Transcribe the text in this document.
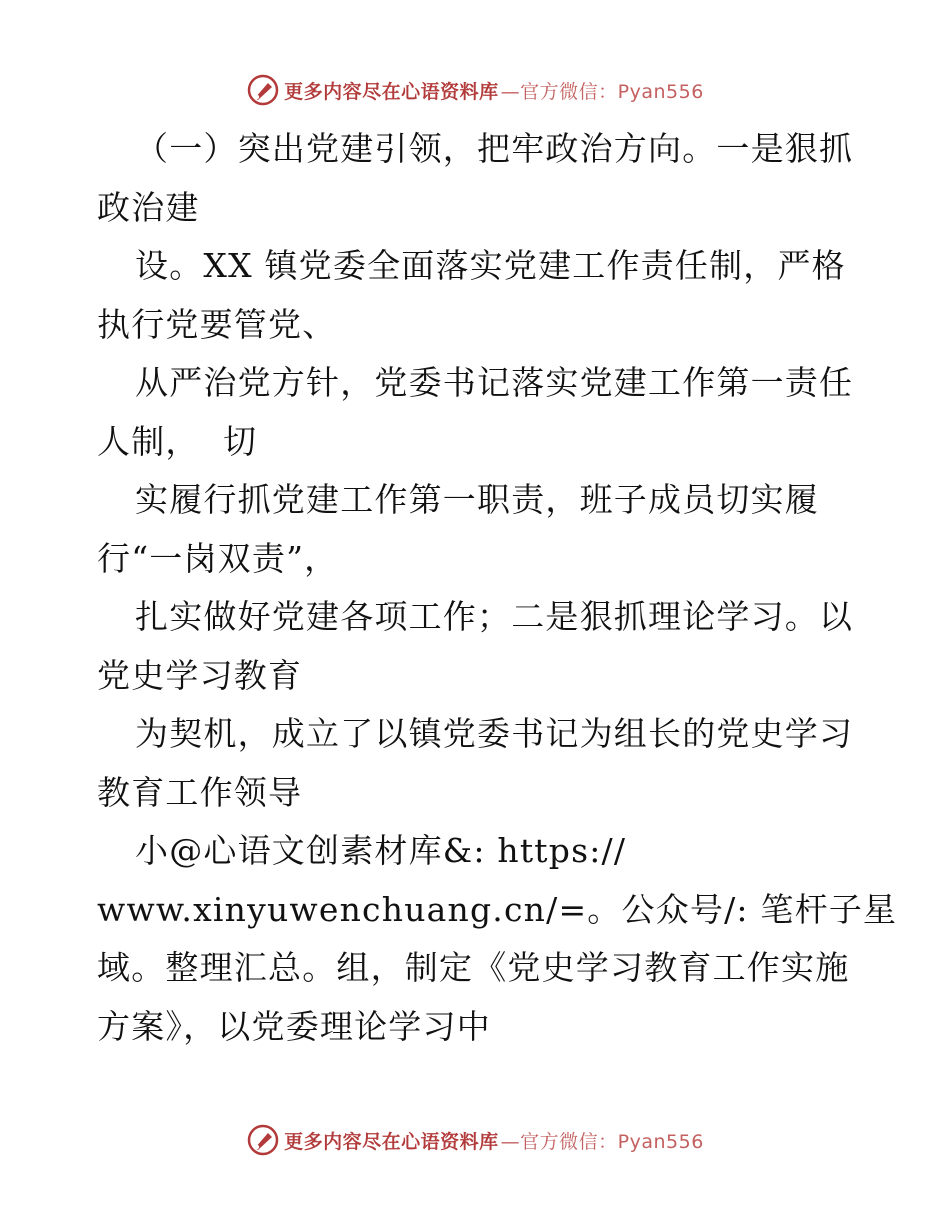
更多内容尽在心语资料库 —官方微信：Pyan556
（一）突出党建引领，把牢政治方向。一是狠抓
政治建
设。XX 镇党委全面落实党建工作责任制，严格
执行党要管党、
从严治党方针，党委书记落实党建工作第一责任
人制，  切
实履行抓党建工作第一职责，班子成员切实履
行“一岗双责”，
扎实做好党建各项工作；二是狠抓理论学习。以
党史学习教育
为契机，成立了以镇党委书记为组长的党史学习
教育工作领导
小@心语文创素材库&: https://
www.xinyuwenchuang.cn/=。公众号/: 笔杆子星
域。整理汇总。组，制定《党史学习教育工作实施
方案》，以党委理论学习中
更多内容尽在心语资料库 —官方微信：Pyan556
